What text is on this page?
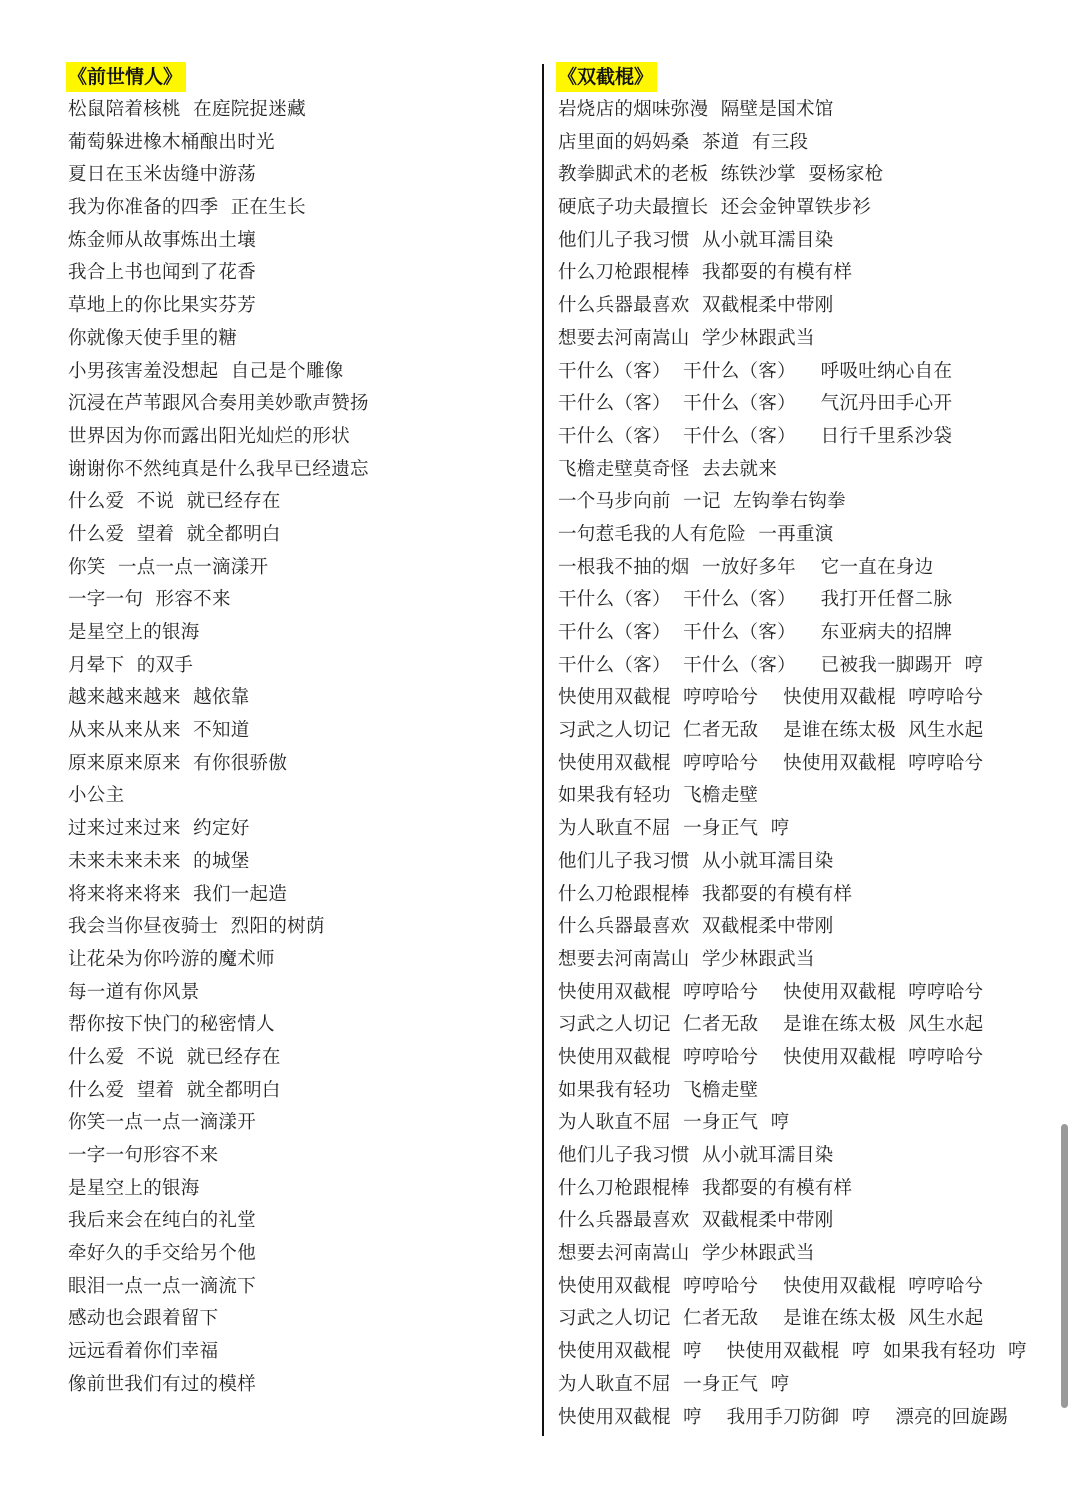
《前世情人》
松鼠陪着核桃  在庭院捉迷藏
葡萄躲进橡木桶酿出时光
夏日在玉米齿缝中游荡
我为你准备的四季  正在生长
炼金师从故事炼出土壤
我合上书也闻到了花香
草地上的你比果实芬芳
你就像天使手里的糖
小男孩害羞没想起  自己是个雕像
沉浸在芦苇跟风合奏用美妙歌声赞扬
世界因为你而露出阳光灿烂的形状
谢谢你不然纯真是什么我早已经遗忘
什么爱  不说  就已经存在
什么爱  望着  就全都明白
你笑  一点一点一滴漾开
一字一句  形容不来
是星空上的银海
月晕下  的双手
越来越来越来  越依靠
从来从来从来  不知道
原来原来原来  有你很骄傲
小公主
过来过来过来  约定好
未来未来未来  的城堡
将来将来将来  我们一起造
我会当你昼夜骑士  烈阳的树荫
让花朵为你吟游的魔术师
每一道有你风景
帮你按下快门的秘密情人
什么爱  不说  就已经存在
什么爱  望着  就全都明白
你笑一点一点一滴漾开
一字一句形容不来
是星空上的银海
我后来会在纯白的礼堂
牵好久的手交给另个他
眼泪一点一点一滴流下
感动也会跟着留下
远远看着你们幸福
像前世我们有过的模样
《双截棍》
岩烧店的烟味弥漫  隔壁是国术馆
店里面的妈妈桑  茶道  有三段
教拳脚武术的老板  练铁沙掌  耍杨家枪
硬底子功夫最擅长  还会金钟罩铁步衫
他们儿子我习惯  从小就耳濡目染
什么刀枪跟棍棒  我都耍的有模有样
什么兵器最喜欢  双截棍柔中带刚
想要去河南嵩山  学少林跟武当
干什么（客）  干什么（客）    呼吸吐纳心自在
干什么（客）  干什么（客）    气沉丹田手心开
干什么（客）  干什么（客）    日行千里系沙袋
飞檐走壁莫奇怪  去去就来
一个马步向前  一记  左钩拳右钩拳
一句惹毛我的人有危险  一再重演
一根我不抽的烟  一放好多年    它一直在身边
干什么（客）  干什么（客）    我打开任督二脉
干什么（客）  干什么（客）    东亚病夫的招牌
干什么（客）  干什么（客）    已被我一脚踢开  哼
快使用双截棍  哼哼哈兮    快使用双截棍  哼哼哈兮
习武之人切记  仁者无敌    是谁在练太极  风生水起
快使用双截棍  哼哼哈兮    快使用双截棍  哼哼哈兮
如果我有轻功  飞檐走壁
为人耿直不屈  一身正气  哼
他们儿子我习惯  从小就耳濡目染
什么刀枪跟棍棒  我都耍的有模有样
什么兵器最喜欢  双截棍柔中带刚
想要去河南嵩山  学少林跟武当
快使用双截棍  哼哼哈兮    快使用双截棍  哼哼哈兮
习武之人切记  仁者无敌    是谁在练太极  风生水起
快使用双截棍  哼哼哈兮    快使用双截棍  哼哼哈兮
如果我有轻功  飞檐走壁
为人耿直不屈  一身正气  哼
他们儿子我习惯  从小就耳濡目染
什么刀枪跟棍棒  我都耍的有模有样
什么兵器最喜欢  双截棍柔中带刚
想要去河南嵩山  学少林跟武当
快使用双截棍  哼哼哈兮    快使用双截棍  哼哼哈兮
习武之人切记  仁者无敌    是谁在练太极  风生水起
快使用双截棍  哼    快使用双截棍  哼  如果我有轻功  哼
为人耿直不屈  一身正气  哼
快使用双截棍  哼    我用手刀防御  哼    漂亮的回旋踢
